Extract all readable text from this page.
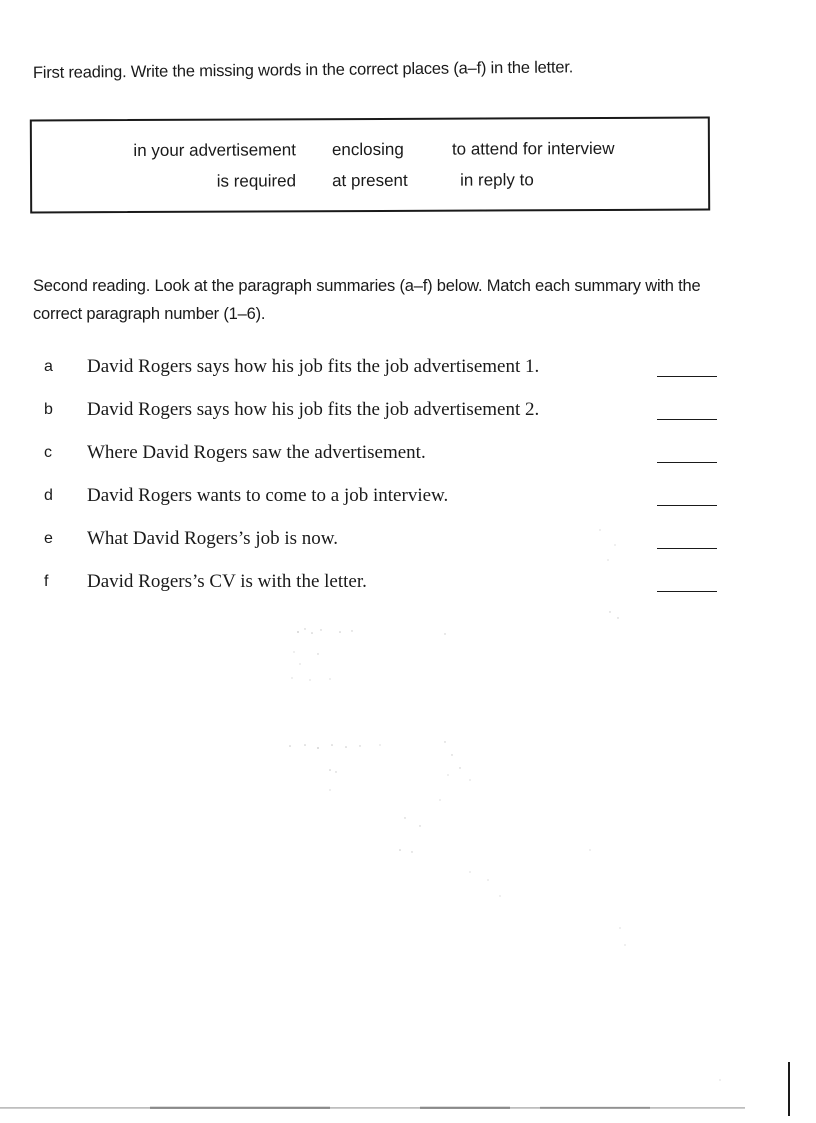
First reading. Write the missing words in the correct places (a–f) in the letter.

in your advertisement enclosing	to attend for interview
is required at present	in reply to

Second reading. Look at the paragraph summaries (a–f) below. Match each summary with the correct paragraph number (1–6).

a David Rogers says how his job fits the job advertisement 1.
b David Rogers says how his job fits the job advertisement 2.
c Where David Rogers saw the advertisement.
d David Rogers wants to come to a job interview.
e What David Rogers’s job is now.
f David Rogers’s CV is with the letter.
